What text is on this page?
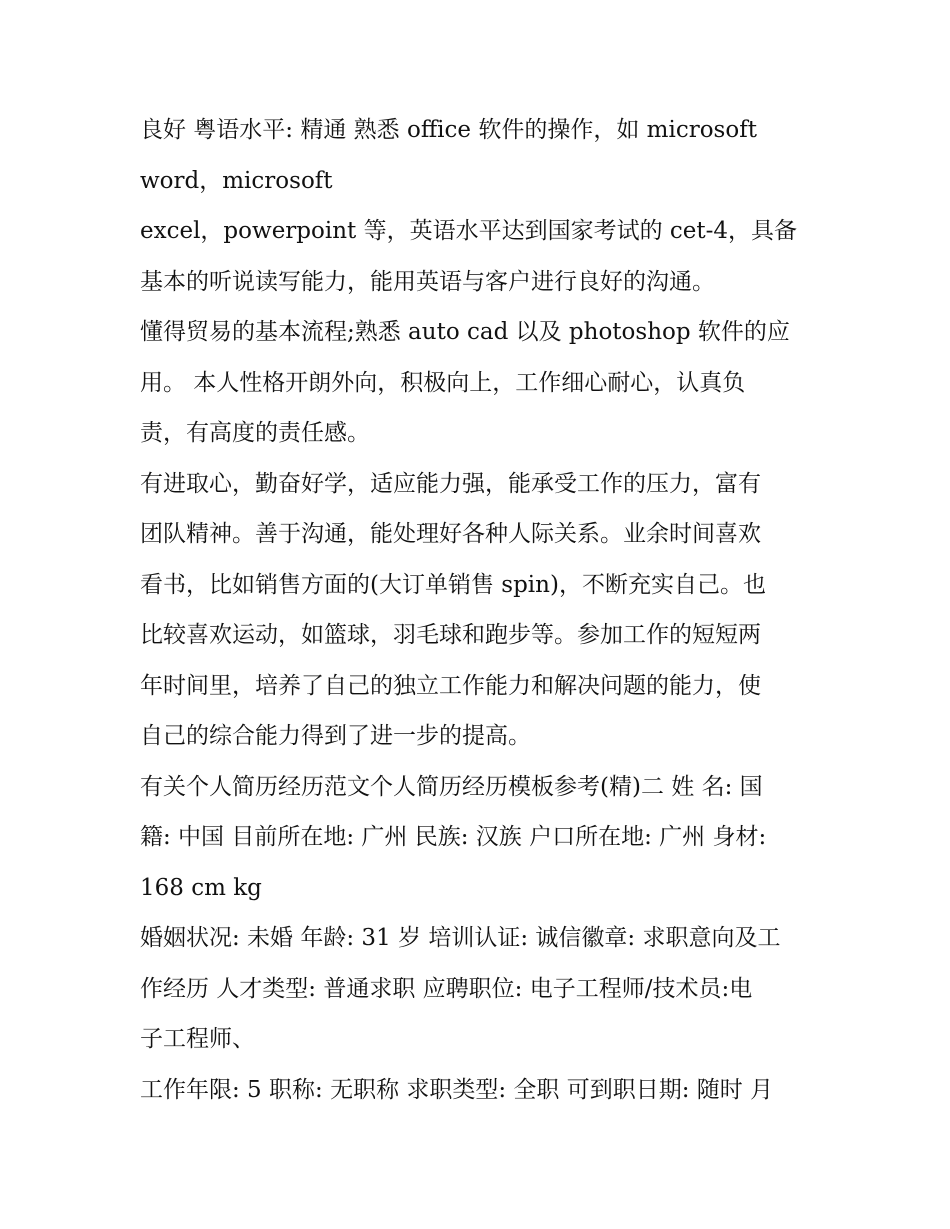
良好 粤语水平: 精通 熟悉 office 软件的操作，如 microsoft
word，microsoft
excel，powerpoint 等，英语水平达到国家考试的 cet-4，具备
基本的听说读写能力，能用英语与客户进行良好的沟通。
懂得贸易的基本流程;熟悉 auto cad 以及 photoshop 软件的应
用。 本人性格开朗外向，积极向上，工作细心耐心，认真负
责，有高度的责任感。
有进取心，勤奋好学，适应能力强，能承受工作的压力，富有
团队精神。善于沟通，能处理好各种人际关系。业余时间喜欢
看书，比如销售方面的(大订单销售 spin)，不断充实自己。也
比较喜欢运动，如篮球，羽毛球和跑步等。参加工作的短短两
年时间里，培养了自己的独立工作能力和解决问题的能力，使
自己的综合能力得到了进一步的提高。
有关个人简历经历范文个人简历经历模板参考(精)二 姓 名: 国
籍: 中国 目前所在地: 广州 民族: 汉族 户口所在地: 广州 身材:
168 cm kg
婚姻状况: 未婚 年龄: 31 岁 培训认证: 诚信徽章: 求职意向及工
作经历 人才类型: 普通求职 应聘职位: 电子工程师/技术员:电
子工程师、
工作年限: 5 职称: 无职称 求职类型: 全职 可到职日期: 随时 月
